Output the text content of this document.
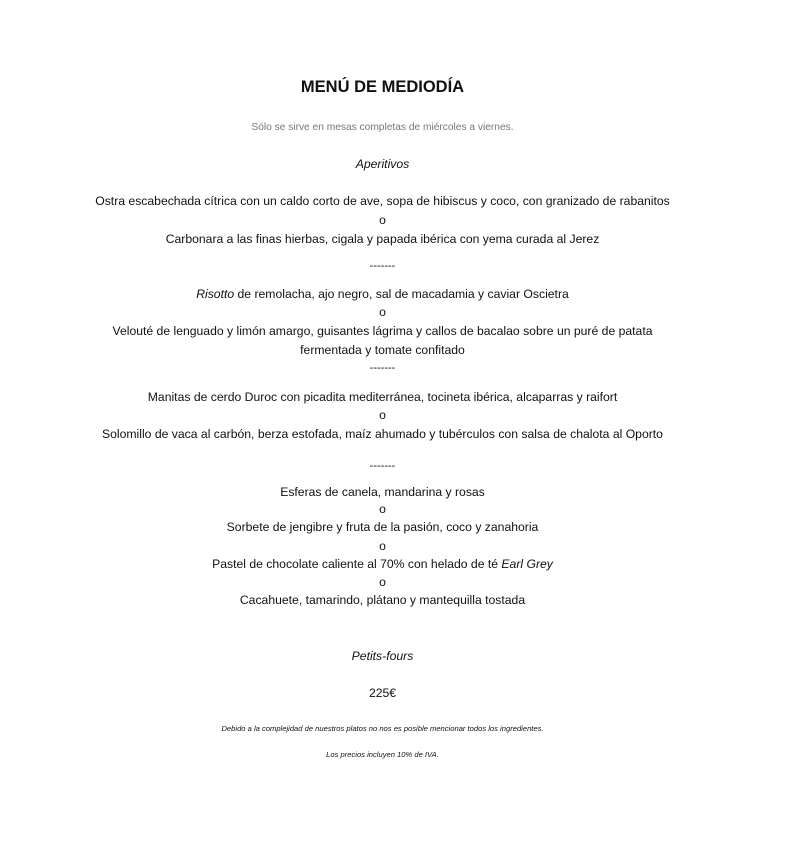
MENÚ DE MEDIODÍA
Sólo se sirve en mesas completas de miércoles a viernes.
Aperitivos
Ostra escabechada cítrica con un caldo corto de ave, sopa de hibiscus y coco, con granizado de rabanitos
o
Carbonara a las finas hierbas, cigala y papada ibérica con yema curada al Jerez
-------
Risotto de remolacha, ajo negro, sal de macadamia y caviar Oscietra
o
Velouté de lenguado y limón amargo, guisantes lágrima y callos de bacalao sobre un puré de patata
fermentada y tomate confitado
-------
Manitas de cerdo Duroc con picadita mediterránea, tocineta ibérica, alcaparras y raifort
o
Solomillo de vaca al carbón, berza estofada, maíz ahumado y tubérculos con salsa de chalota al Oporto
-------
Esferas de canela, mandarina y rosas
o
Sorbete de jengibre y fruta de la pasión, coco y zanahoria
o
Pastel de chocolate caliente al 70% con helado de té Earl Grey
o
Cacahuete, tamarindo, plátano y mantequilla tostada
Petits-fours
225€
Debido a la complejidad de nuestros platos no nos es posible mencionar todos los ingredientes.
Los precios incluyen 10% de IVA.
